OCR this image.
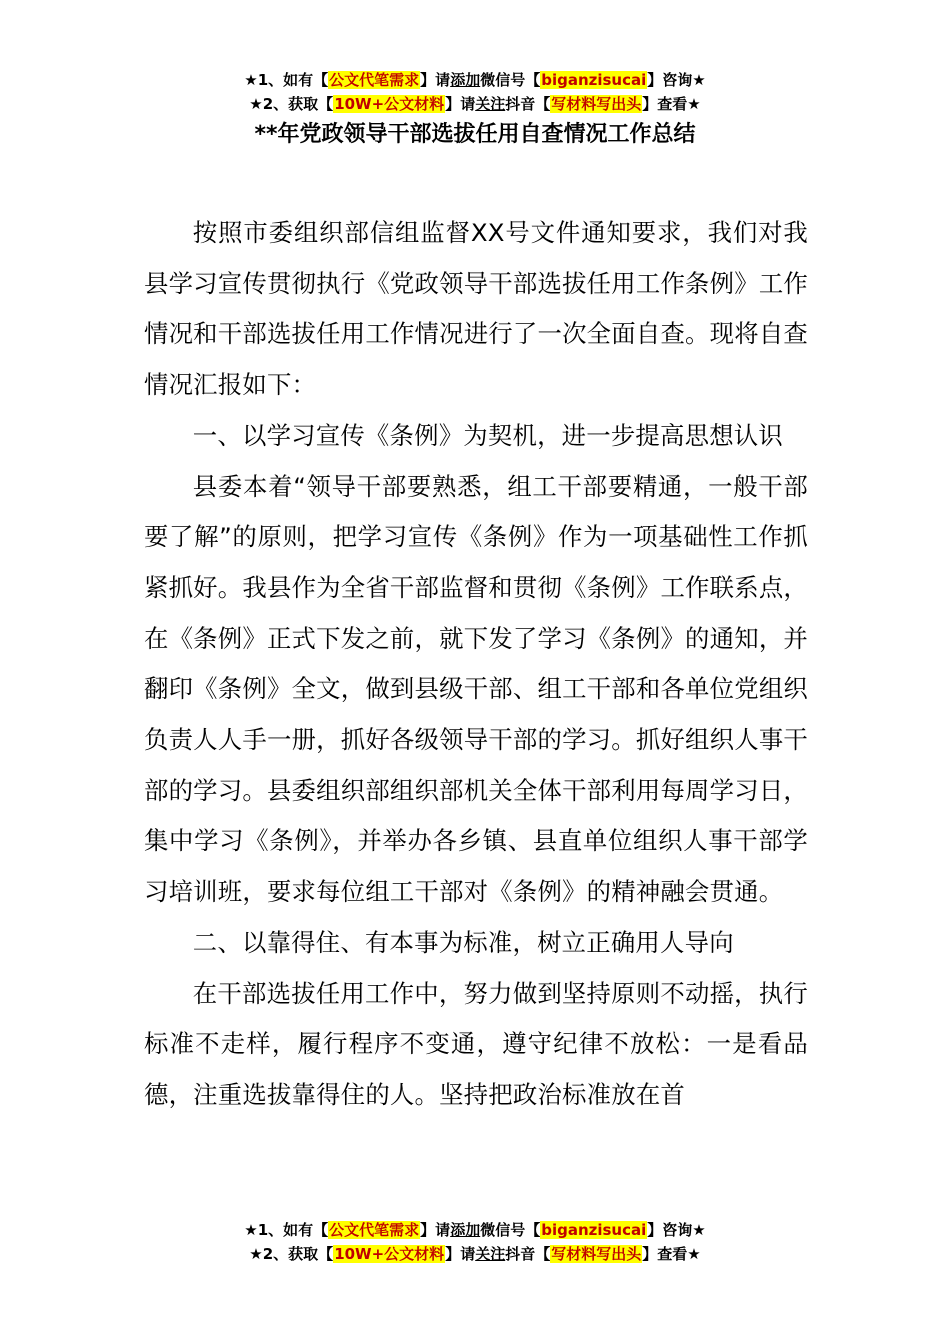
★1、如有【公文代笔需求】请添加微信号【biganzisucai】咨询★
★2、获取【10W+公文材料】请关注抖音【写材料写出头】查看★
**年党政领导干部选拔任用自查情况工作总结

按照市委组织部信组监督XX号文件通知要求，我们对我县学习宣传贯彻执行《党政领导干部选拔任用工作条例》工作情况和干部选拔任用工作情况进行了一次全面自查。现将自查情况汇报如下：

一、以学习宣传《条例》为契机，进一步提高思想认识

县委本着“领导干部要熟悉，组工干部要精通，一般干部要了解”的原则，把学习宣传《条例》作为一项基础性工作抓紧抓好。我县作为全省干部监督和贯彻《条例》工作联系点，在《条例》正式下发之前，就下发了学习《条例》的通知，并翻印《条例》全文，做到县级干部、组工干部和各单位党组织负责人人手一册，抓好各级领导干部的学习。抓好组织人事干部的学习。县委组织部组织部机关全体干部利用每周学习日，集中学习《条例》，并举办各乡镇、县直单位组织人事干部学习培训班，要求每位组工干部对《条例》的精神融会贯通。

二、以靠得住、有本事为标准，树立正确用人导向

在干部选拔任用工作中，努力做到坚持原则不动摇，执行标准不走样，履行程序不变通，遵守纪律不放松：一是看品德，注重选拔靠得住的人。坚持把政治标准放在首

★1、如有【公文代笔需求】请添加微信号【biganzisucai】咨询★
★2、获取【10W+公文材料】请关注抖音【写材料写出头】查看★
